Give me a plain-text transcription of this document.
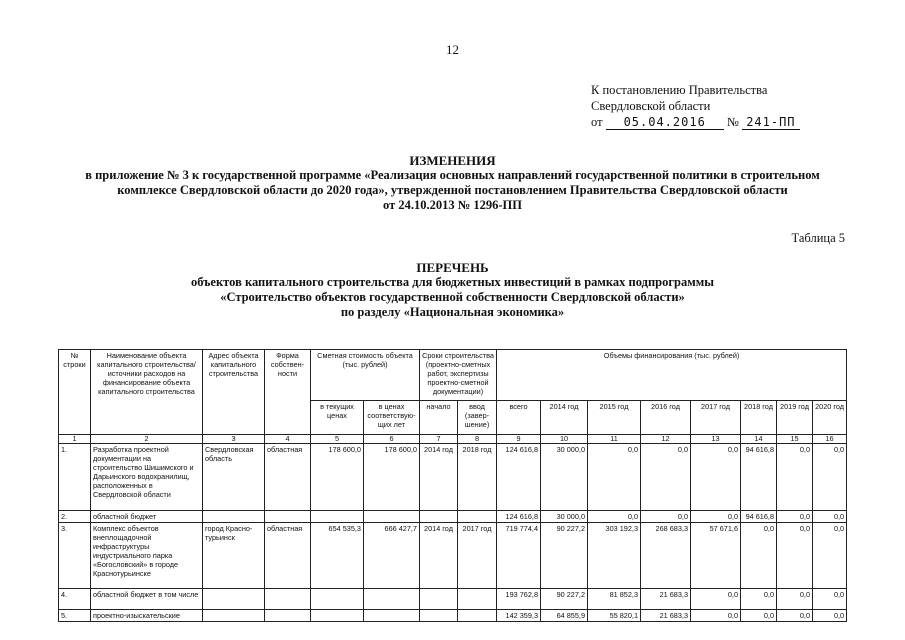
12
К постановлению Правительства
Свердловской области
от 05.04.2016 № 241-ПП
ИЗМЕНЕНИЯ
в приложение № 3 к государственной программе «Реализация основных направлений государственной политики в строительном
комплексе Свердловской области до 2020 года», утвержденной постановлением Правительства Свердловской области
от 24.10.2013 № 1296-ПП
Таблица 5
ПЕРЕЧЕНЬ
объектов капитального строительства для бюджетных инвестиций в рамках подпрограммы
«Строительство объектов государственной собственности Свердловской области»
по разделу «Национальная экономика»
№ строки	Наименование объекта капитального строительства/ источники расходов на финансирование объекта капитального строительства	Адрес объекта капитального строительства	Форма собствен-ности	Сметная стоимость объекта (тыс. рублей)		Сроки строительства (проектно-сметных работ, экспертизы проектно-сметной документации)		Объемы финансирования (тыс. рублей)							
				в текущих ценах	в ценах соответствую-щих лет	начало	ввод (завер-шение)	всего	2014 год	2015 год	2016 год	2017 год	2018 год	2019 год	2020 год
1	2	3	4	5	6	7	8	9	10	11	12	13	14	15	16
1.	Разработка проектной документации на строительство Шишимского и Дарьинского водохранилищ, расположенных в Свердловской области	Свердловская область	областная	178 600,0	178 600,0	2014 год	2018 год	124 616,8	30 000,0	0,0	0,0	0,0	94 616,8	0,0	0,0
2.	областной бюджет							124 616,8	30 000,0	0,0	0,0	0,0	94 616,8	0,0	0,0
3.	Комплекс объектов внеплощадочной инфраструктуры индустриального парка «Богословский» в городе Краснотурьинске	город Красно-турьинск	областная	654 535,3	666 427,7	2014 год	2017 год	719 774,4	90 227,2	303 192,3	268 683,3	57 671,6	0,0	0,0	0,0
4.	областной бюджет в том числе							193 762,8	90 227,2	81 852,3	21 683,3	0,0	0,0	0,0	0,0
5.	проектно-изыскательские							142 359,3	64 855,9	55 820,1	21 683,3	0,0	0,0	0,0	0,0
